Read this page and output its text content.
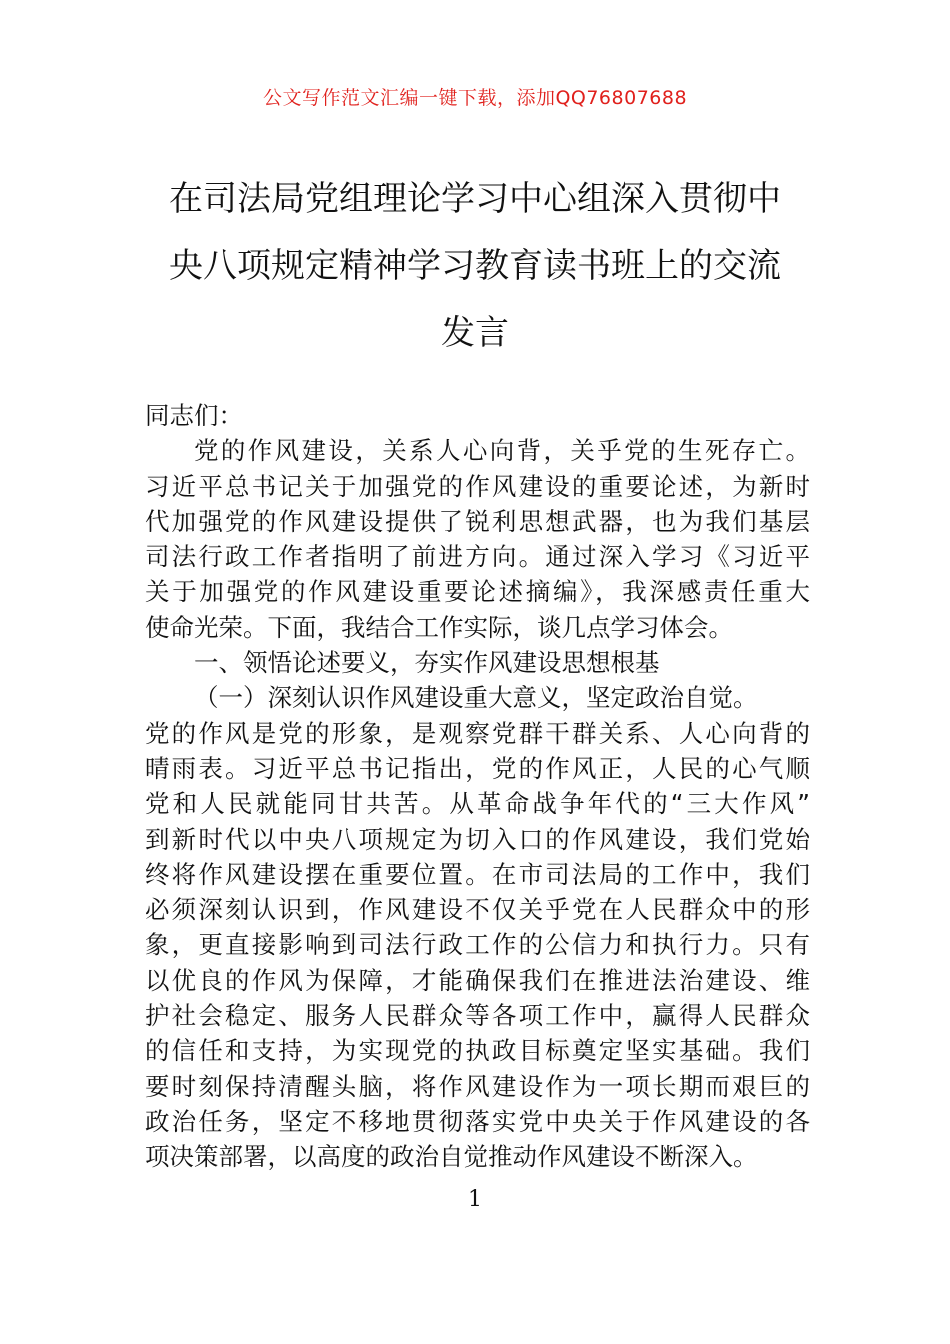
公文写作范文汇编一键下载，添加QQ76807688
在司法局党组理论学习中心组深入贯彻中
央八项规定精神学习教育读书班上的交流
发言
同志们：
党的作风建设，关系人心向背，关乎党的生死存亡。
习近平总书记关于加强党的作风建设的重要论述，为新时
代加强党的作风建设提供了锐利思想武器，也为我们基层
司法行政工作者指明了前进方向。通过深入学习《习近平
关于加强党的作风建设重要论述摘编》，我深感责任重大
使命光荣。下面，我结合工作实际，谈几点学习体会。
一、领悟论述要义，夯实作风建设思想根基
（一）深刻认识作风建设重大意义，坚定政治自觉。
党的作风是党的形象，是观察党群干群关系、人心向背的
晴雨表。习近平总书记指出，党的作风正，人民的心气顺
党和人民就能同甘共苦。从革命战争年代的“三大作风”
到新时代以中央八项规定为切入口的作风建设，我们党始
终将作风建设摆在重要位置。在市司法局的工作中，我们
必须深刻认识到，作风建设不仅关乎党在人民群众中的形
象，更直接影响到司法行政工作的公信力和执行力。只有
以优良的作风为保障，才能确保我们在推进法治建设、维
护社会稳定、服务人民群众等各项工作中，赢得人民群众
的信任和支持，为实现党的执政目标奠定坚实基础。我们
要时刻保持清醒头脑，将作风建设作为一项长期而艰巨的
政治任务，坚定不移地贯彻落实党中央关于作风建设的各
项决策部署，以高度的政治自觉推动作风建设不断深入。
1
